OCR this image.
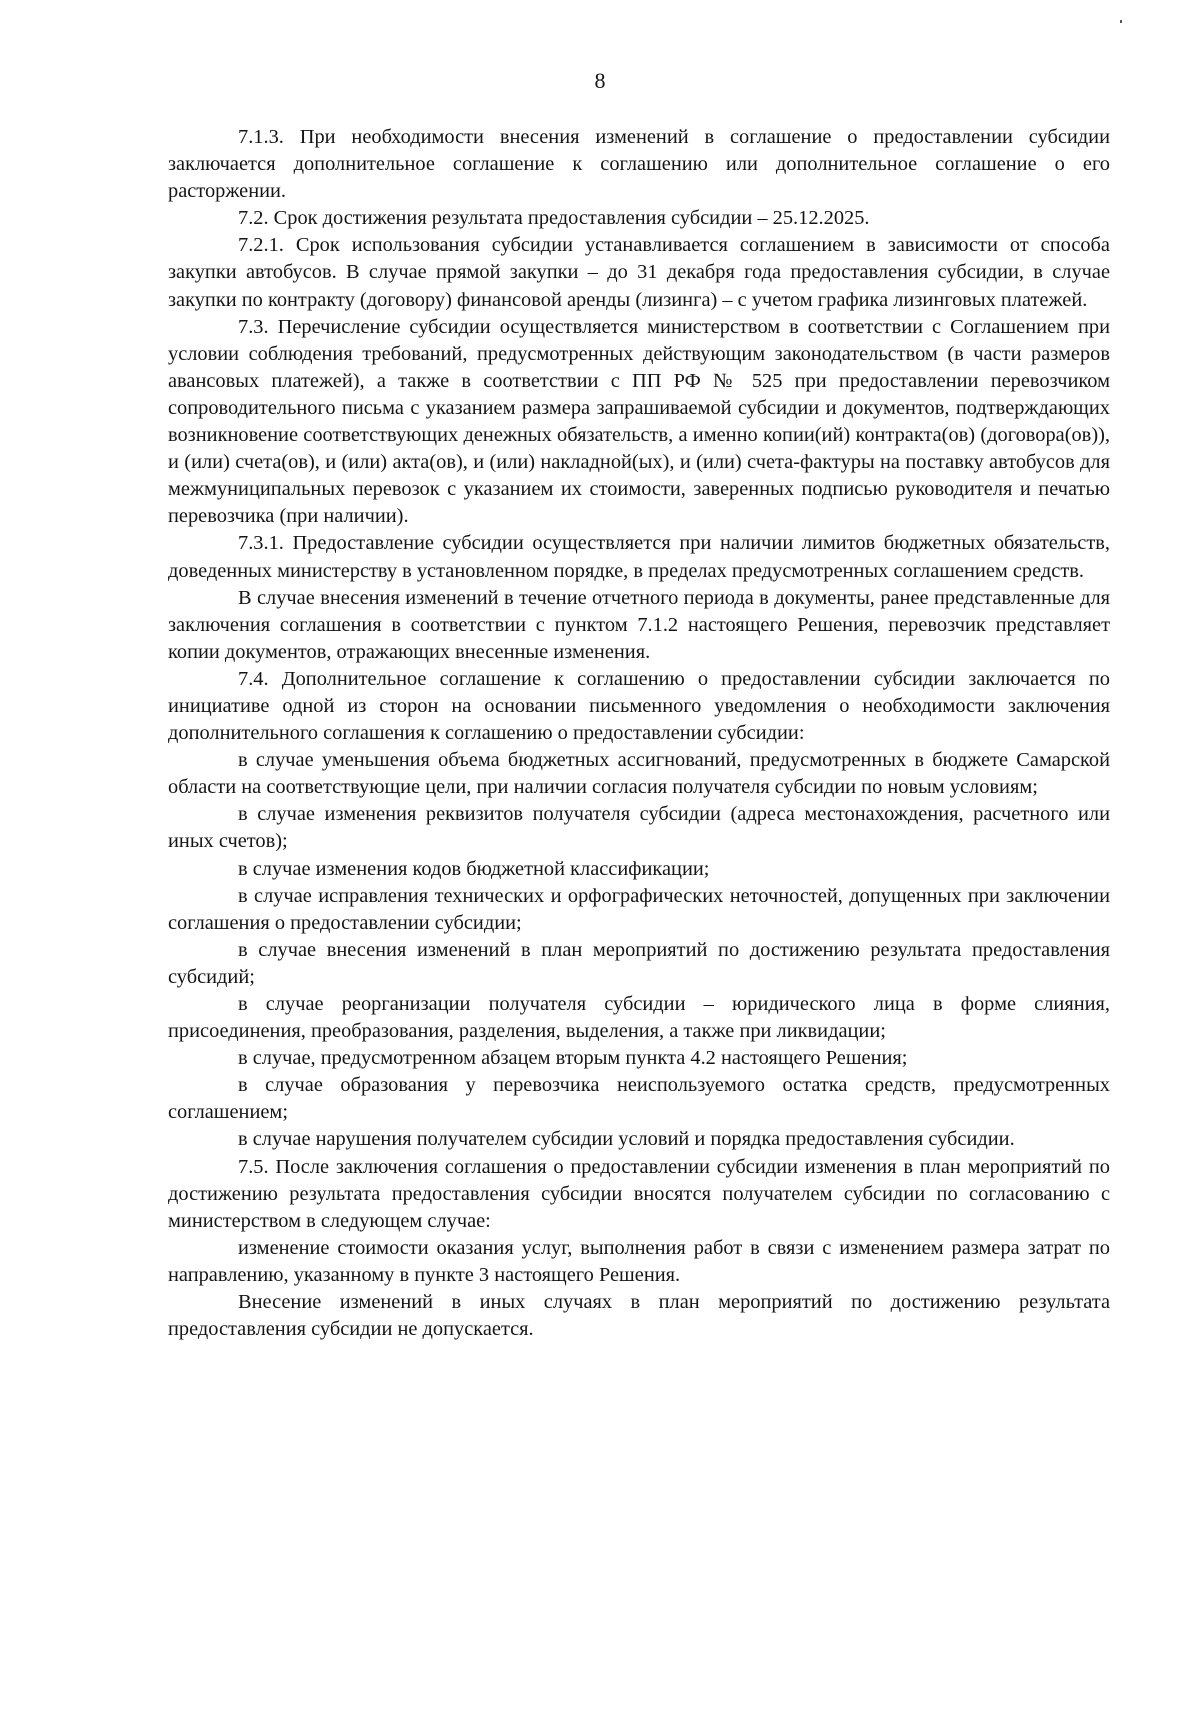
8

7.1.3. При необходимости внесения изменений в соглашение о предоставлении субсидии заключается дополнительное соглашение к соглашению или дополнительное соглашение о его расторжении.

7.2. Срок достижения результата предоставления субсидии – 25.12.2025.

7.2.1. Срок использования субсидии устанавливается соглашением в зависимости от способа закупки автобусов. В случае прямой закупки – до 31 декабря года предоставления субсидии, в случае закупки по контракту (договору) финансовой аренды (лизинга) – с учетом графика лизинговых платежей.

7.3. Перечисление субсидии осуществляется министерством в соответствии с Соглашением при условии соблюдения требований, предусмотренных действующим законодательством (в части размеров авансовых платежей), а также в соответствии с ПП РФ № 525 при предоставлении перевозчиком сопроводительного письма с указанием размера запрашиваемой субсидии и документов, подтверждающих возникновение соответствующих денежных обязательств, а именно копии(ий) контракта(ов) (договора(ов)), и (или) счета(ов), и (или) акта(ов), и (или) накладной(ых), и (или) счета-фактуры на поставку автобусов для межмуниципальных перевозок с указанием их стоимости, заверенных подписью руководителя и печатью перевозчика (при наличии).

7.3.1. Предоставление субсидии осуществляется при наличии лимитов бюджетных обязательств, доведенных министерству в установленном порядке, в пределах предусмотренных соглашением средств.

В случае внесения изменений в течение отчетного периода в документы, ранее представленные для заключения соглашения в соответствии с пунктом 7.1.2 настоящего Решения, перевозчик представляет копии документов, отражающих внесенные изменения.

7.4. Дополнительное соглашение к соглашению о предоставлении субсидии заключается по инициативе одной из сторон на основании письменного уведомления о необходимости заключения дополнительного соглашения к соглашению о предоставлении субсидии:

в случае уменьшения объема бюджетных ассигнований, предусмотренных в бюджете Самарской области на соответствующие цели, при наличии согласия получателя субсидии по новым условиям;

в случае изменения реквизитов получателя субсидии (адреса местонахождения, расчетного или иных счетов);

в случае изменения кодов бюджетной классификации;

в случае исправления технических и орфографических неточностей, допущенных при заключении соглашения о предоставлении субсидии;

в случае внесения изменений в план мероприятий по достижению результата предоставления субсидий;

в случае реорганизации получателя субсидии – юридического лица в форме слияния, присоединения, преобразования, разделения, выделения, а также при ликвидации;

в случае, предусмотренном абзацем вторым пункта 4.2 настоящего Решения;

в случае образования у перевозчика неиспользуемого остатка средств, предусмотренных соглашением;

в случае нарушения получателем субсидии условий и порядка предоставления субсидии.

7.5. После заключения соглашения о предоставлении субсидии изменения в план мероприятий по достижению результата предоставления субсидии вносятся получателем субсидии по согласованию с министерством в следующем случае:

изменение стоимости оказания услуг, выполнения работ в связи с изменением размера затрат по направлению, указанному в пункте 3 настоящего Решения.

Внесение изменений в иных случаях в план мероприятий по достижению результата предоставления субсидии не допускается.
